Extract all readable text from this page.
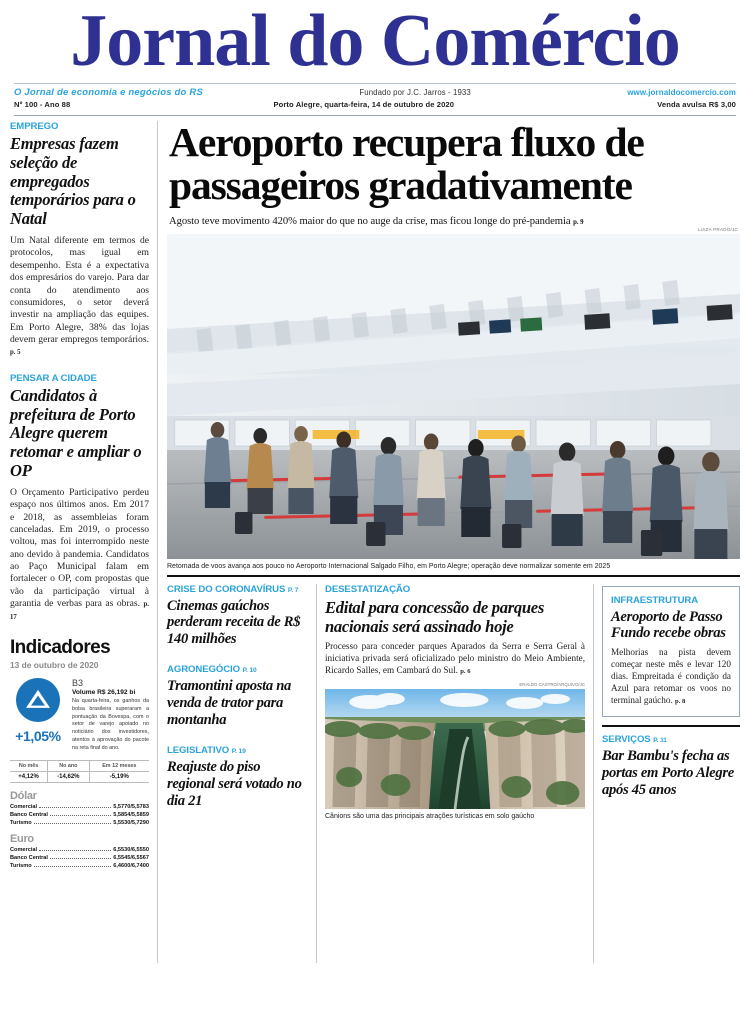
Jornal do Comércio
O Jornal de economia e negócios do RS	Fundado por J.C. Jarros - 1933	www.jornaldocomercio.com
Nº 100 - Ano 88	Porto Alegre, quarta-feira, 14 de outubro de 2020	Venda avulsa R$ 3,00
EMPREGO
Empresas fazem seleção de empregados temporários para o Natal
Um Natal diferente em termos de protocolos, mas igual em desempenho. Esta é a expectativa dos empresários do varejo. Para dar conta do atendimento aos consumidores, o setor deverá investir na ampliação das equipes. Em Porto Alegre, 38% das lojas devem gerar empregos temporários. p. 5
PENSAR A CIDADE
Candidatos à prefeitura de Porto Alegre querem retomar e ampliar o OP
O Orçamento Participativo perdeu espaço nos últimos anos. Em 2017 e 2018, as assembleias foram canceladas. Em 2019, o processo voltou, mas foi interrompido neste ano devido à pandemia. Candidatos ao Paço Municipal falam em fortalecer o OP, com propostas que vão da participação virtual à garantia de verbas para as obras. p. 17
Indicadores
13 de outubro de 2020
+1,05%
B3
Volume R$ 26,192 bi
Na quarta-feira, os ganhos da bolsa brasileira superaram a pontuação da Bovespa, com o setor de varejo apoiado no noticiário dos investidores, atentos à aprovação do pacote na reta final do ano.
No mês	No ano	Em 12 meses
+4,12%	-14,62%	-5,19%
Dólar
Comercial	5,5770/5,5783
Banco Central	5,5854/5,5859
Turismo	5,5530/5,7290
Euro
Comercial	6,5530/6,5550
Banco Central	6,5545/6,5567
Turismo	6,4600/6,7400
Aeroporto recupera fluxo de passageiros gradativamente
Agosto teve movimento 420% maior do que no auge da crise, mas ficou longe do pré-pandemia p. 9
LUIZA PRADO/JC
Retomada de voos avança aos pouco no Aeroporto Internacional Salgado Filho, em Porto Alegre; operação deve normalizar somente em 2025
CRISE DO CORONAVÍRUS P. 7
Cinemas gaúchos perderam receita de R$ 140 milhões
AGRONEGÓCIO P. 10
Tramontini aposta na venda de trator para montanha
LEGISLATIVO P. 19
Reajuste do piso regional será votado no dia 21
DESESTATIZAÇÃO
Edital para concessão de parques nacionais será assinado hoje
Processo para conceder parques Aparados da Serra e Serra Geral à iniciativa privada será oficializado pelo ministro do Meio Ambiente, Ricardo Salles, em Cambará do Sul. p. 6
ERALDO CASTRO/ARQUIVO/JC
Cânions são uma das principais atrações turísticas em solo gaúcho
INFRAESTRUTURA
Aeroporto de Passo Fundo recebe obras
Melhorias na pista devem começar neste mês e levar 120 dias. Empreitada é condição da Azul para retomar os voos no terminal gaúcho. p. 8
SERVIÇOS P. 11
Bar Bambu's fecha as portas em Porto Alegre após 45 anos
